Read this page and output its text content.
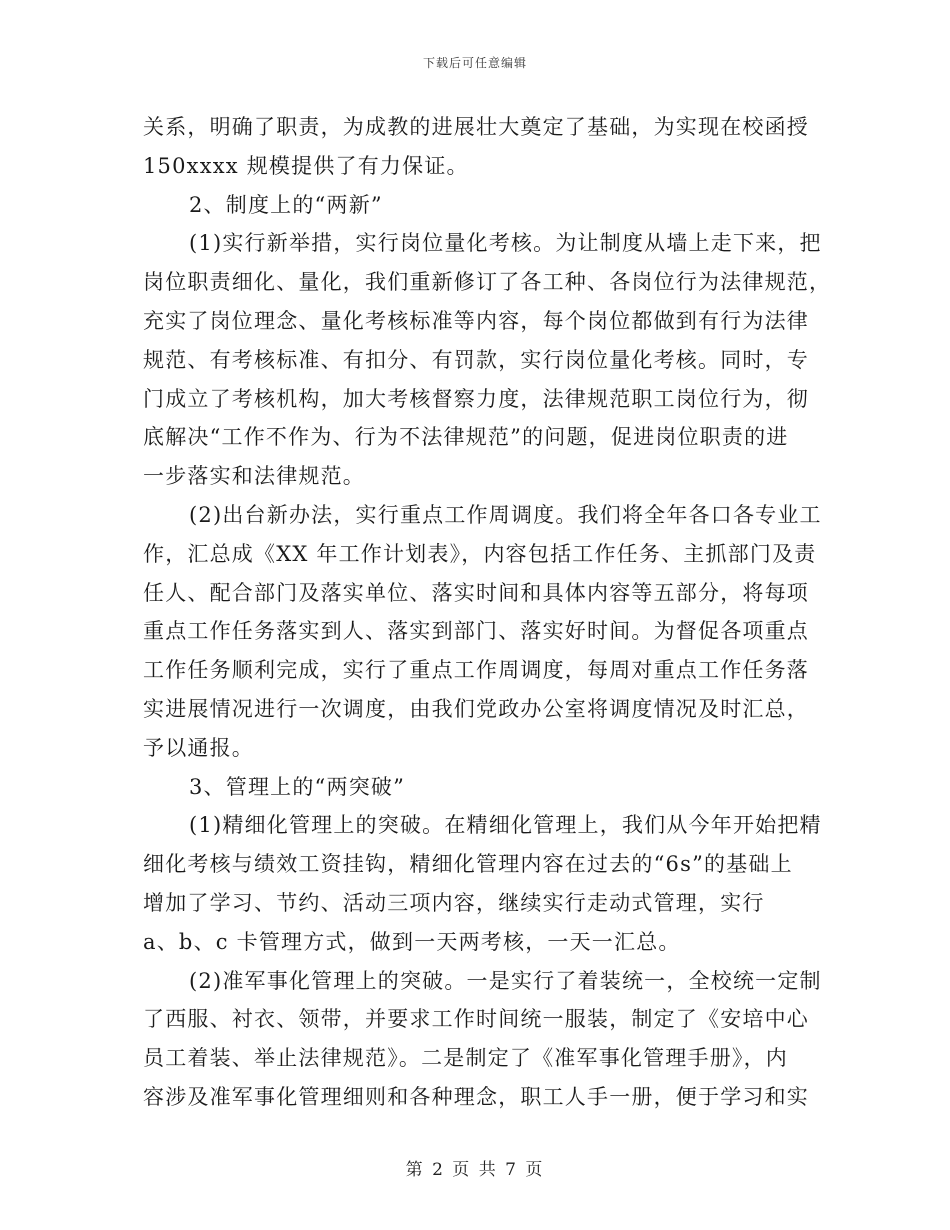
下载后可任意编辑
关系，明确了职责，为成教的进展壮大奠定了基础，为实现在校函授
150xxxx 规模提供了有力保证。
2、制度上的“两新”
(1)实行新举措，实行岗位量化考核。为让制度从墙上走下来，把
岗位职责细化、量化，我们重新修订了各工种、各岗位行为法律规范，
充实了岗位理念、量化考核标准等内容，每个岗位都做到有行为法律
规范、有考核标准、有扣分、有罚款，实行岗位量化考核。同时，专
门成立了考核机构，加大考核督察力度，法律规范职工岗位行为，彻
底解决“工作不作为、行为不法律规范”的问题，促进岗位职责的进
一步落实和法律规范。
(2)出台新办法，实行重点工作周调度。我们将全年各口各专业工
作，汇总成《XX 年工作计划表》，内容包括工作任务、主抓部门及责
任人、配合部门及落实单位、落实时间和具体内容等五部分，将每项
重点工作任务落实到人、落实到部门、落实好时间。为督促各项重点
工作任务顺利完成，实行了重点工作周调度，每周对重点工作任务落
实进展情况进行一次调度，由我们党政办公室将调度情况及时汇总，
予以通报。
3、管理上的“两突破”
(1)精细化管理上的突破。在精细化管理上，我们从今年开始把精
细化考核与绩效工资挂钩，精细化管理内容在过去的“6s”的基础上
增加了学习、节约、活动三项内容，继续实行走动式管理，实行
a、b、c 卡管理方式，做到一天两考核，一天一汇总。
(2)准军事化管理上的突破。一是实行了着装统一，全校统一定制
了西服、衬衣、领带，并要求工作时间统一服装，制定了《安培中心
员工着装、举止法律规范》。二是制定了《准军事化管理手册》，内
容涉及准军事化管理细则和各种理念，职工人手一册，便于学习和实
第 2 页 共 7 页
